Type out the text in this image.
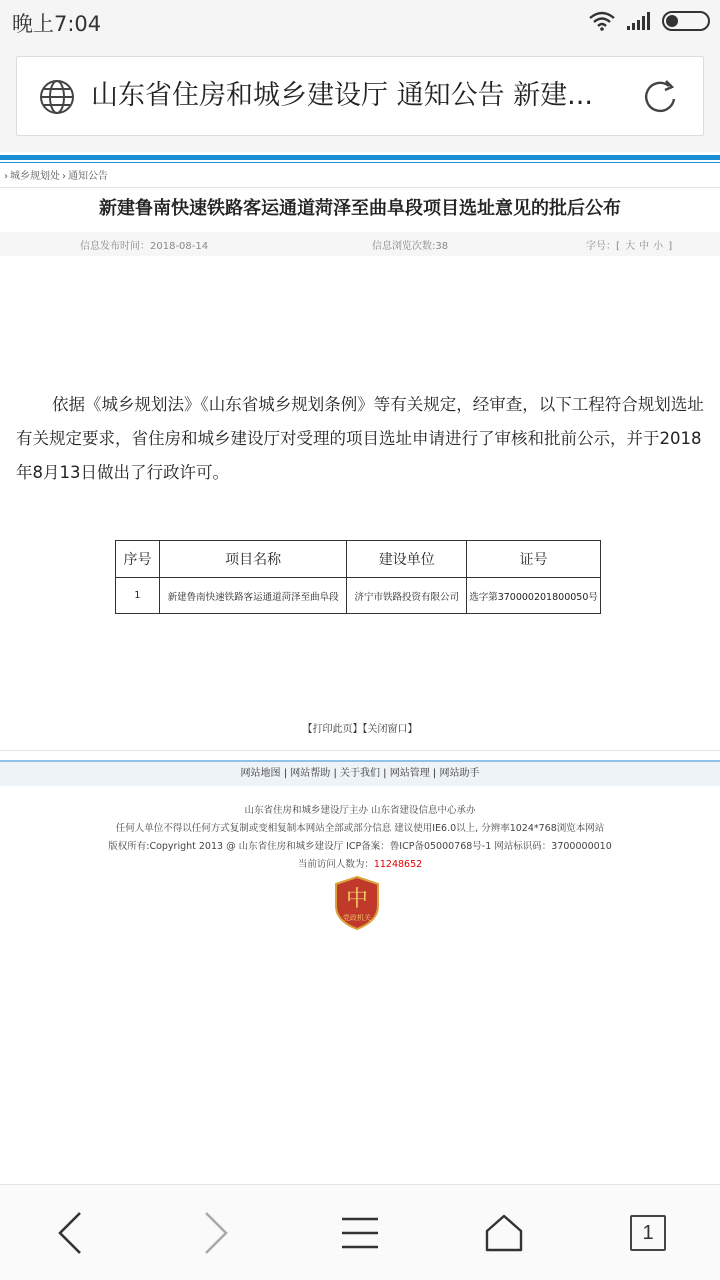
晚上7:04
山东省住房和城乡建设厅 通知公告 新建...
› 城乡规划处 › 通知公告
新建鲁南快速铁路客运通道菏泽至曲阜段项目选址意见的批后公布
信息发布时间：2018-08-14	信息浏览次数:38	字号：[ 大 中 小 ]

依据《城乡规划法》《山东省城乡规划条例》等有关规定，经审查，以下工程符合规划选址有关规定要求，省住房和城乡建设厅对受理的项目选址申请进行了审核和批前公示，并于2018年8月13日做出了行政许可。

序号	项目名称	建设单位	证号
1	新建鲁南快速铁路客运通道菏泽至曲阜段	济宁市铁路投资有限公司	选字第370000201800050号
【打印此页】【关闭窗口】
网站地图 | 网站帮助 | 关于我们 | 网站管理 | 网站助手
山东省住房和城乡建设厅主办 山东省建设信息中心承办
任何人单位不得以任何方式复制或变相复制本网站全部或部分信息 建议使用IE6.0以上, 分辨率1024*768浏览本网站
版权所有:Copyright 2013 @ 山东省住房和城乡建设厅 ICP备案：鲁ICP备05000768号-1 网站标识码：3700000010
当前访问人数为：11248652
中
党政机关
1
